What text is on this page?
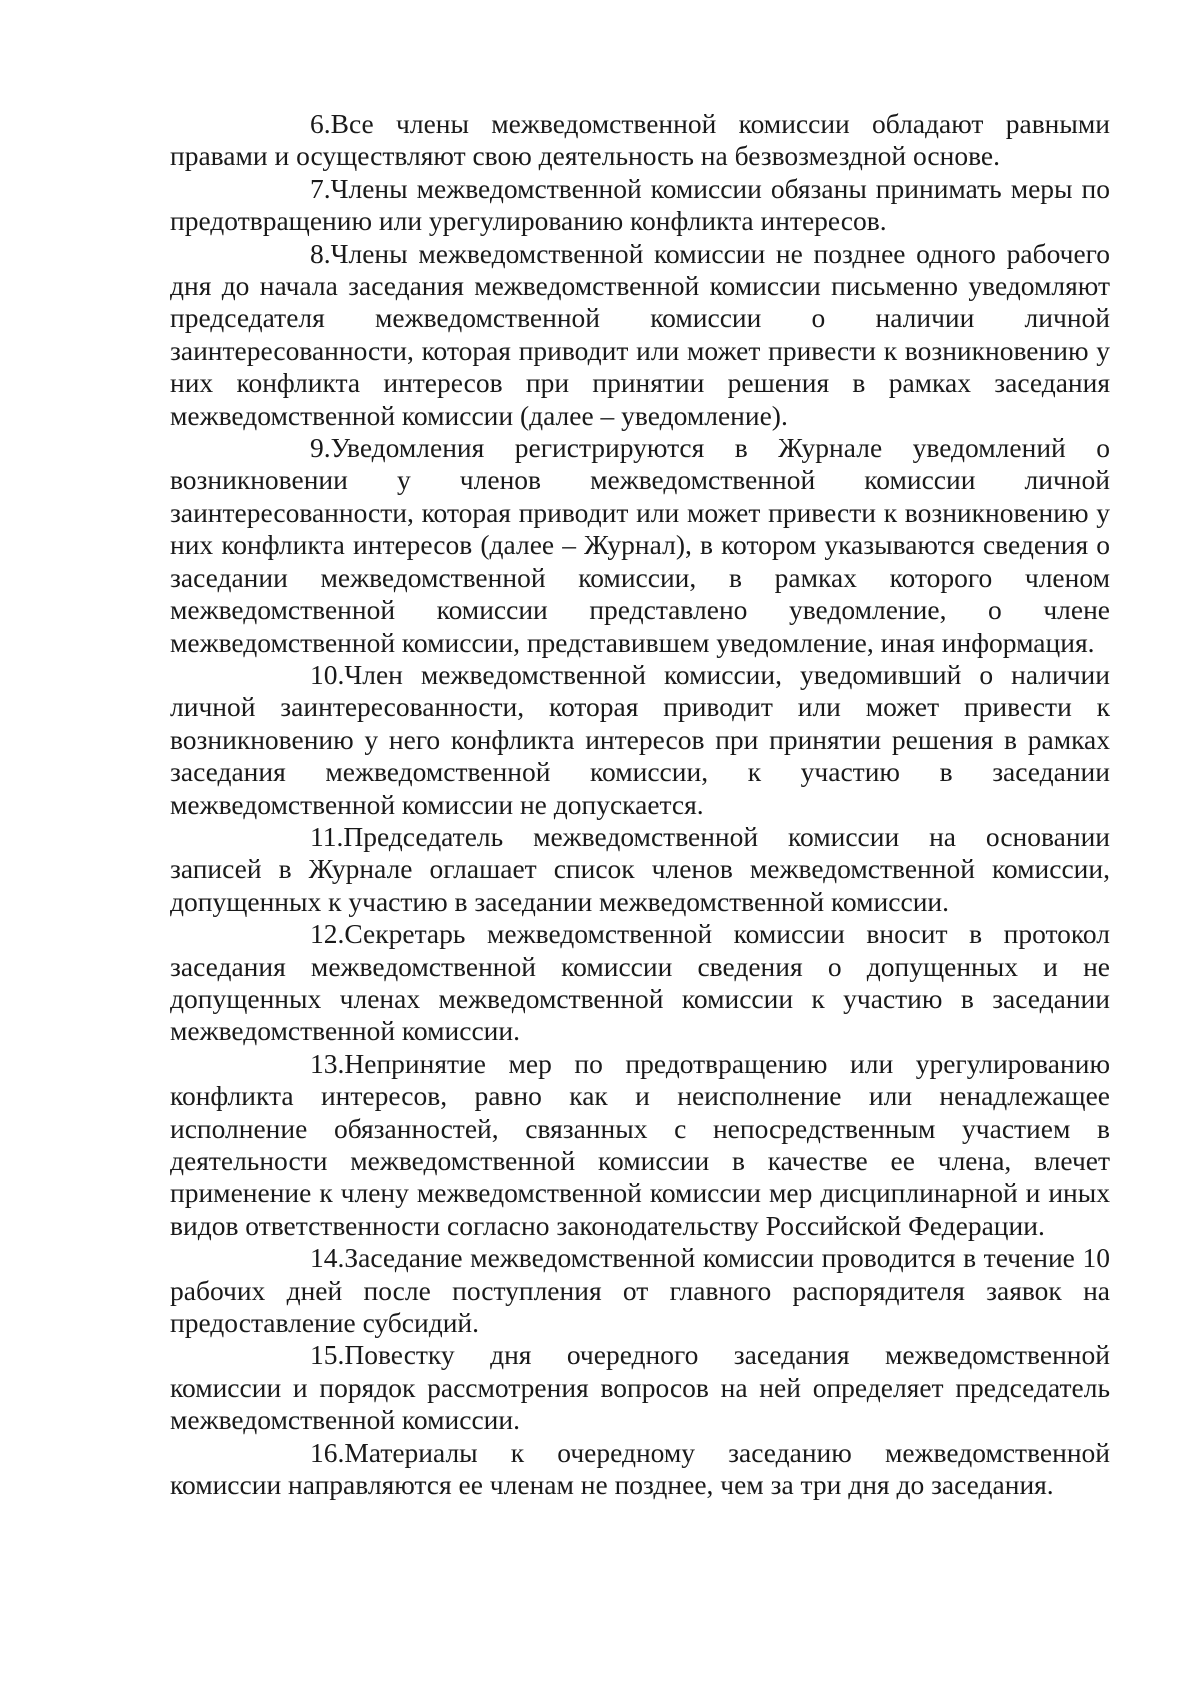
6.Все члены межведомственной комиссии обладают равными правами и осуществляют свою деятельность на безвозмездной основе.

7.Члены межведомственной комиссии обязаны принимать меры по предотвращению или урегулированию конфликта интересов.

8.Члены межведомственной комиссии не позднее одного рабочего дня до начала заседания межведомственной комиссии письменно уведомляют председателя межведомственной комиссии о наличии личной заинтересованности, которая приводит или может привести к возникновению у них конфликта интересов при принятии решения в рамках заседания межведомственной комиссии (далее – уведомление).

9.Уведомления регистрируются в Журнале уведомлений о возникновении у членов межведомственной комиссии личной заинтересованности, которая приводит или может привести к возникновению у них конфликта интересов (далее – Журнал), в котором указываются сведения о заседании межведомственной комиссии, в рамках которого членом межведомственной комиссии представлено уведомление, о члене межведомственной комиссии, представившем уведомление, иная информация.

10.Член межведомственной комиссии, уведомивший о наличии личной заинтересованности, которая приводит или может привести к возникновению у него конфликта интересов при принятии решения в рамках заседания межведомственной комиссии, к участию в заседании межведомственной комиссии не допускается.

11.Председатель межведомственной комиссии на основании записей в Журнале оглашает список членов межведомственной комиссии, допущенных к участию в заседании межведомственной комиссии.

12.Секретарь межведомственной комиссии вносит в протокол заседания межведомственной комиссии сведения о допущенных и не допущенных членах межведомственной комиссии к участию в заседании межведомственной комиссии.

13.Непринятие мер по предотвращению или урегулированию конфликта интересов, равно как и неисполнение или ненадлежащее исполнение обязанностей, связанных с непосредственным участием в деятельности межведомственной комиссии в качестве ее члена, влечет применение к члену межведомственной комиссии мер дисциплинарной и иных видов ответственности согласно законодательству Российской Федерации.

14.Заседание межведомственной комиссии проводится в течение 10 рабочих дней после поступления от главного распорядителя заявок на предоставление субсидий.

15.Повестку дня очередного заседания межведомственной комиссии и порядок рассмотрения вопросов на ней определяет председатель межведомственной комиссии.

16.Материалы к очередному заседанию межведомственной комиссии направляются ее членам не позднее, чем за три дня до заседания.
